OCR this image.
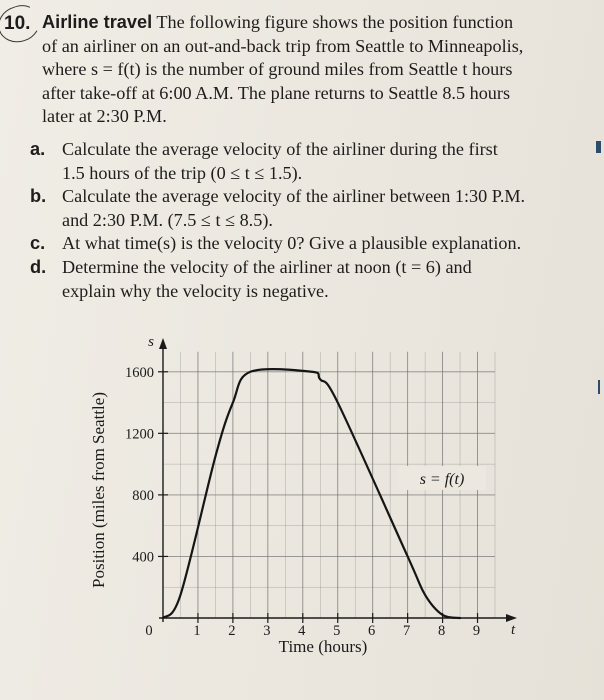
10. Airline travel The following figure shows the position function
of an airliner on an out-and-back trip from Seattle to Minneapolis,
where s = f(t) is the number of ground miles from Seattle t hours
after take-off at 6:00 A.M. The plane returns to Seattle 8.5 hours
later at 2:30 P.M.
a. Calculate the average velocity of the airliner during the first
1.5 hours of the trip (0 ≤ t ≤ 1.5).
b. Calculate the average velocity of the airliner between 1:30 P.M.
and 2:30 P.M. (7.5 ≤ t ≤ 8.5).
c. At what time(s) is the velocity 0? Give a plausible explanation.
d. Determine the velocity of the airliner at noon (t = 6) and
explain why the velocity is negative.
0	1 2 3 4 5 6 7 8 9
400
800
1200
1600
s
t
Time (hours)
Position (miles from Seattle)	s = f(t)
